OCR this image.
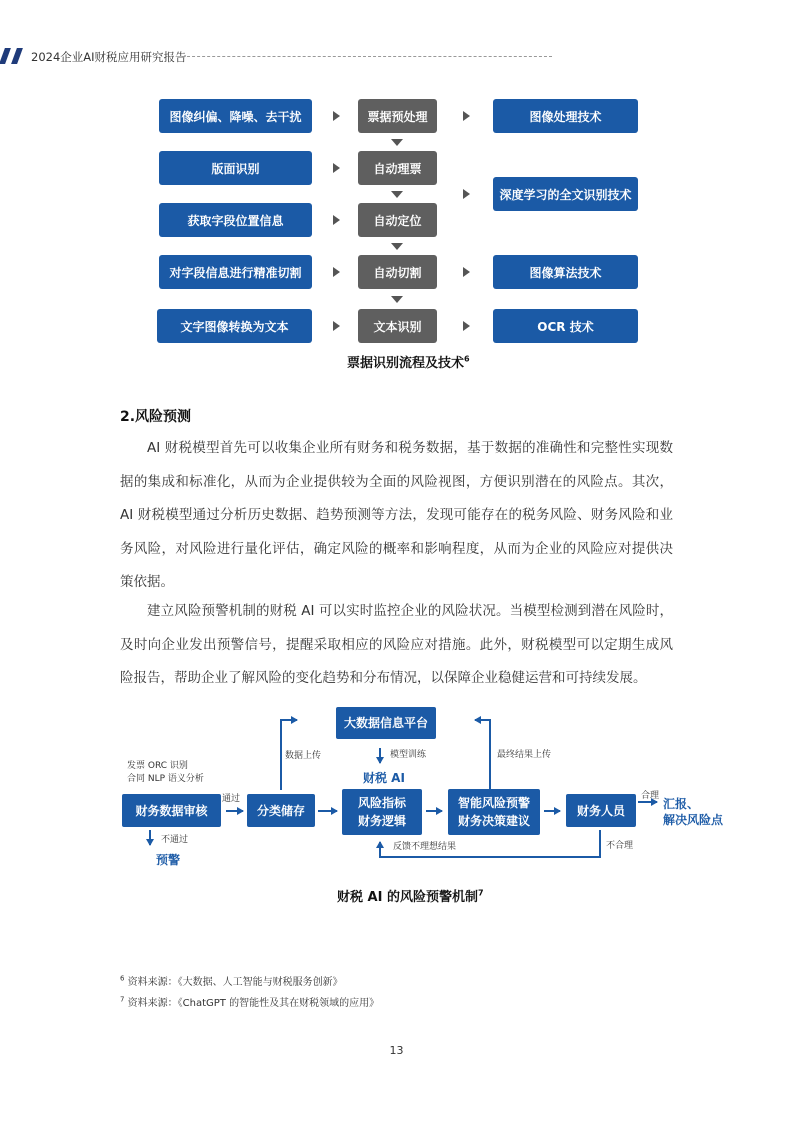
2024企业AI财税应用研究报告
图像纠偏、降噪、去干扰
版面识别
获取字段位置信息
对字段信息进行精准切割
文字图像转换为文本
票据预处理
自动理票
自动定位
自动切割
文本识别
图像处理技术
深度学习的全文识别技术
图像算法技术
OCR 技术
票据识别流程及技术$^6$
2.风险预测

AI 财税模型首先可以收集企业所有财务和税务数据，基于数据的准确性和完整性实现数据的集成和标准化，从而为企业提供较为全面的风险视图，方便识别潜在的风险点。其次，AI 财税模型通过分析历史数据、趋势预测等方法，发现可能存在的税务风险、财务风险和业务风险，对风险进行量化评估，确定风险的概率和影响程度，从而为企业的风险应对提供决策依据。

建立风险预警机制的财税 AI 可以实时监控企业的风险状况。当模型检测到潜在风险时，及时向企业发出预警信号，提醒采取相应的风险应对措施。此外，财税模型可以定期生成风险报告，帮助企业了解风险的变化趋势和分布情况，以保障企业稳健运营和可持续发展。

大数据信息平台
模型训练
财税 AI
发票 ORC 识别
合同 NLP 语义分析
财务数据审核
通过
不通过
预警
分类储存
数据上传
风险指标
财务逻辑
智能风险预警
财务决策建议
最终结果上传
财务人员
合理
汇报、
解决风险点
不合理
反馈不理想结果
财税 AI 的风险预警机制$^7$
$^6$ 资料来源：《大数据、人工智能与财税服务创新》
$^7$ 资料来源：《ChatGPT 的智能性及其在财税领域的应用》
13
